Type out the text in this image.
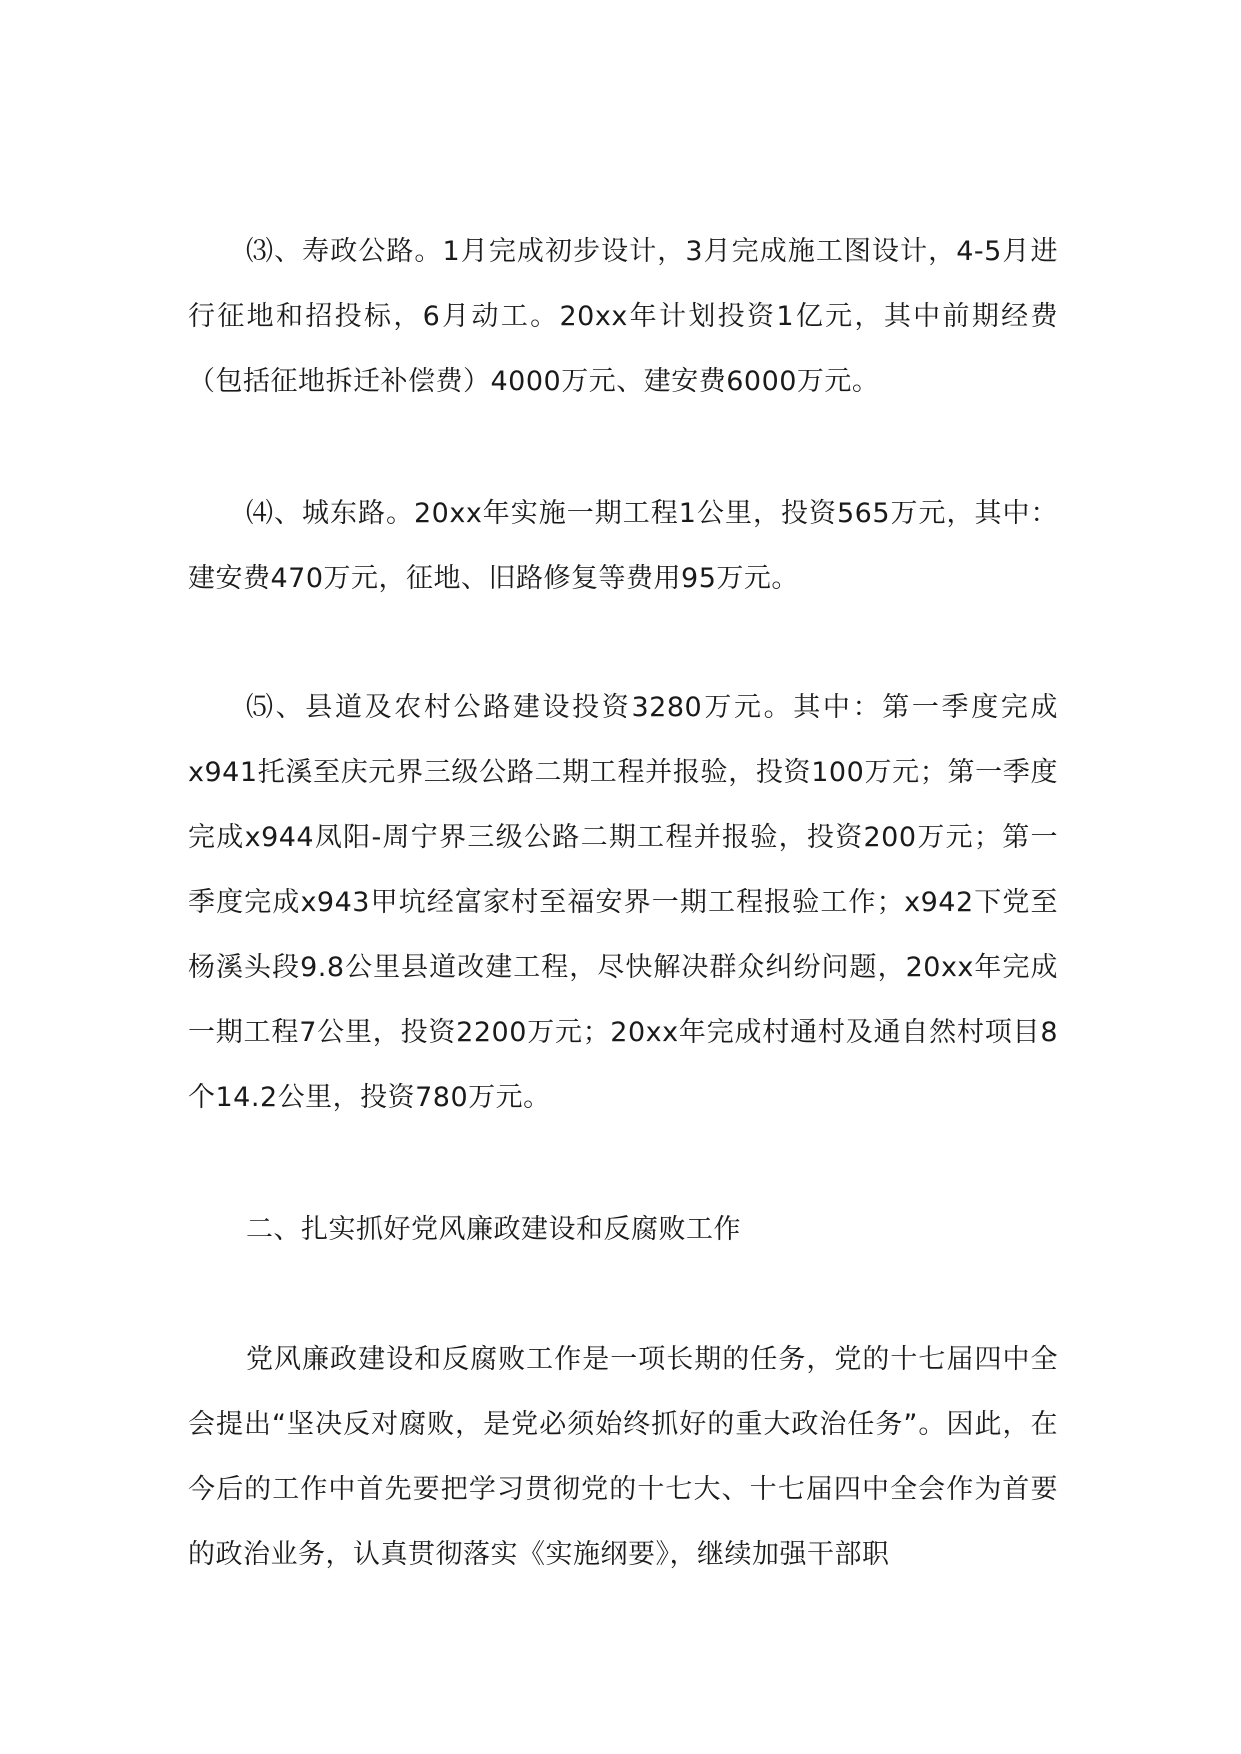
⑶、寿政公路。1月完成初步设计，3月完成施工图设计，4-5月进行征地和招投标，6月动工。20xx年计划投资1亿元，其中前期经费（包括征地拆迁补偿费）4000万元、建安费6000万元。

⑷、城东路。20xx年实施一期工程1公里，投资565万元，其中：建安费470万元，征地、旧路修复等费用95万元。

⑸、县道及农村公路建设投资3280万元。其中：第一季度完成x941托溪至庆元界三级公路二期工程并报验，投资100万元；第一季度完成x944凤阳-周宁界三级公路二期工程并报验，投资200万元；第一季度完成x943甲坑经富家村至福安界一期工程报验工作；x942下党至杨溪头段9.8公里县道改建工程，尽快解决群众纠纷问题，20xx年完成一期工程7公里，投资2200万元；20xx年完成村通村及通自然村项目8个14.2公里，投资780万元。

二、扎实抓好党风廉政建设和反腐败工作

党风廉政建设和反腐败工作是一项长期的任务，党的十七届四中全会提出“坚决反对腐败，是党必须始终抓好的重大政治任务”。因此，在今后的工作中首先要把学习贯彻党的十七大、十七届四中全会作为首要的政治业务，认真贯彻落实《实施纲要》，继续加强干部职
